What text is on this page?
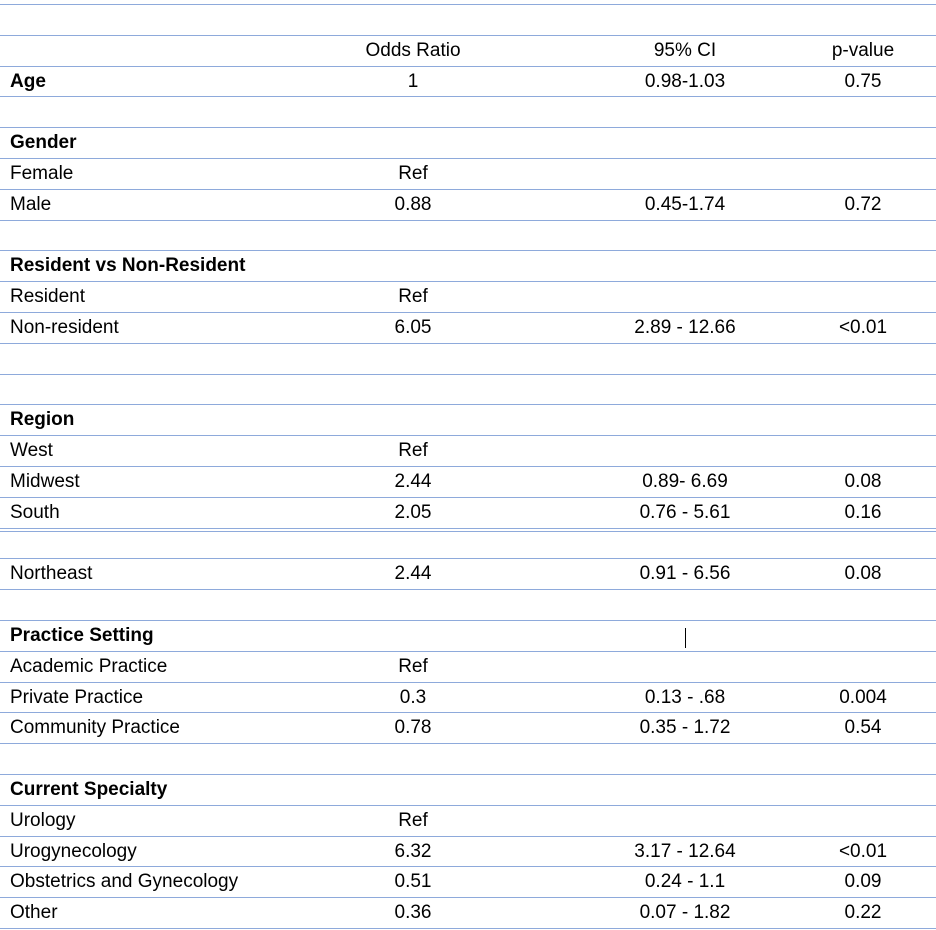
Odds Ratio	95% CI	p-value
Age	1	0.98-1.03	0.75
Gender
Female	Ref
Male	0.88	0.45-1.74	0.72
Resident vs Non-Resident
Resident	Ref
Non-resident	6.05	2.89 - 12.66	<0.01
Region
West	Ref
Midwest	2.44	0.89- 6.69	0.08
South	2.05	0.76 - 5.61	0.16
Northeast	2.44	0.91 - 6.56	0.08
Practice Setting
Academic Practice	Ref
Private Practice	0.3	0.13 - .68	0.004
Community Practice	0.78	0.35 - 1.72	0.54
Current Specialty
Urology	Ref
Urogynecology	6.32	3.17 - 12.64	<0.01
Obstetrics and Gynecology	0.51	0.24 - 1.1	0.09
Other	0.36	0.07 - 1.82	0.22
